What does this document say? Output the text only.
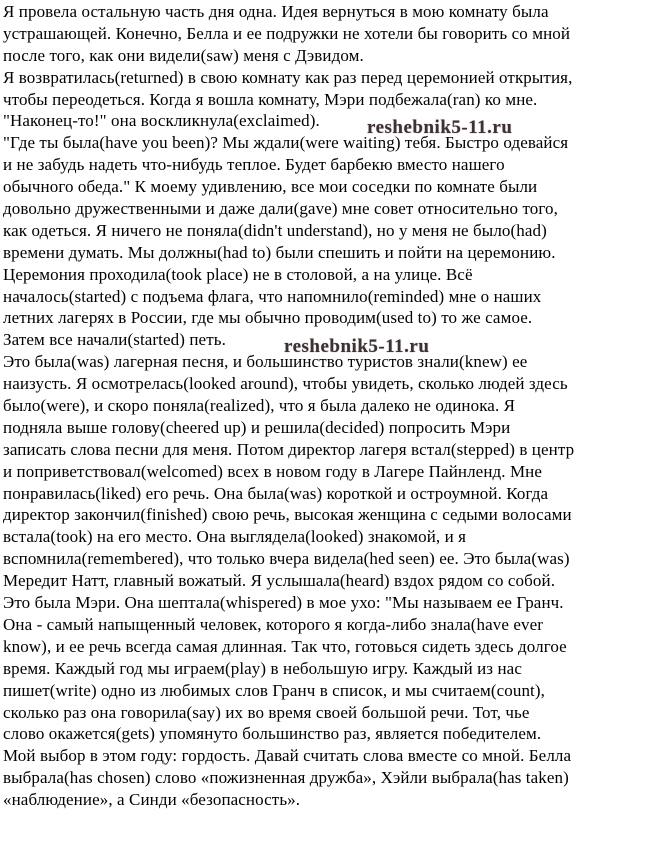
Я провела остальную часть дня одна. Идея вернуться в мою комнату была
устрашающей. Конечно, Белла и ее подружки не хотели бы говорить со мной
после того, как они видели(saw) меня с Дэвидом.
Я возвратилась(returned) в свою комнату как раз перед церемонией открытия,
чтобы переодеться. Когда я вошла комнату, Мэри подбежала(ran) ко мне.
"Наконец-то!" она воскликнула(exclaimed).
"Где ты была(have you been)? Мы ждали(were waiting) тебя. Быстро одевайся
и не забудь надеть что-нибудь теплое. Будет барбекю вместо нашего
обычного обеда." К моему удивлению, все мои соседки по комнате были
довольно дружественными и даже дали(gave) мне совет относительно того,
как одеться. Я ничего не поняла(didn't understand), но у меня не было(had)
времени думать. Мы должны(had to) были спешить и пойти на церемонию.
Церемония проходила(took place) не в столовой, а на улице. Всё
началось(started) с подъема флага, что напомнило(reminded) мне о наших
летних лагерях в России, где мы обычно проводим(used to) то же самое.
Затем все начали(started) петь.
Это была(was) лагерная песня, и большинство туристов знали(knew) ее
наизусть. Я осмотрелась(looked around), чтобы увидеть, сколько людей здесь
было(were), и скоро поняла(realized), что я была далеко не одинока. Я
подняла выше голову(cheered up) и решила(decided) попросить Мэри
записать слова песни для меня. Потом директор лагеря встал(stepped) в центр
и поприветствовал(welcomed) всех в новом году в Лагере Пайнленд. Мне
понравилась(liked) его речь. Она была(was) короткой и остроумной. Когда
директор закончил(finished) свою речь, высокая женщина с седыми волосами
встала(took) на его место. Она выглядела(looked) знакомой, и я
вспомнила(remembered), что только вчера видела(hed seen) ее. Это была(was)
Мередит Натт, главный вожатый. Я услышала(heard) вздох рядом со собой.
Это была Мэри. Она шептала(whispered) в мое ухо: "Мы называем ее Гранч.
Она - самый напыщенный человек, которого я когда-либо знала(have ever
know), и ее речь всегда самая длинная. Так что, готовься сидеть здесь долгое
время. Каждый год мы играем(play) в небольшую игру. Каждый из нас
пишет(write) одно из любимых слов Гранч в список, и мы считаем(count),
сколько раз она говорила(say) их во время своей большой речи. Тот, чье
слово окажется(gets) упомянуто большинство раз, является победителем.
Мой выбор в этом году: гордость. Давай считать слова вместе со мной. Белла
выбрала(has chosen) слово «пожизненная дружба», Хэйли выбрала(has taken)
«наблюдение», а Синди «безопасность».
reshebnik5-11.ru
reshebnik5-11.ru
